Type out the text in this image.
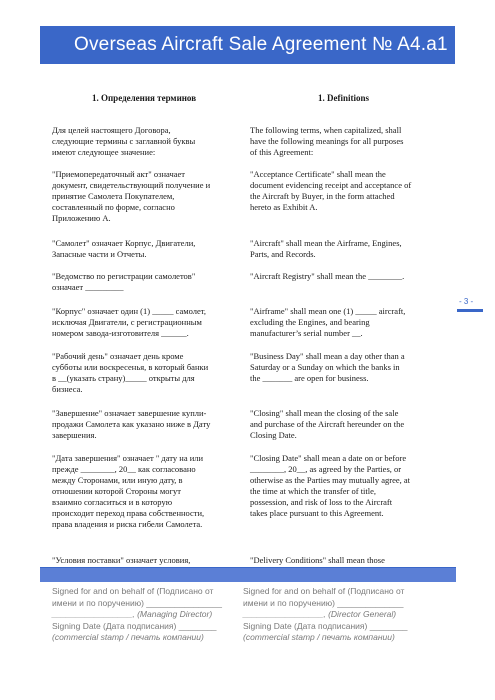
Overseas Aircraft Sale Agreement № A4.a1
1. Определения терминов	1. Definitions
Для целей настоящего Договора,
следующие термины с заглавной буквы
имеют следующее значение:
The following terms, when capitalized, shall
have the following meanings for all purposes
of this Agreement:
"Приемопередаточный акт" означает
документ, свидетельствующий получение и
принятие Самолета Покупателем,
составленный по форме, согласно
Приложению А.
"Acceptance Certificate" shall mean the
document evidencing receipt and acceptance of
the Aircraft by Buyer, in the form attached
hereto as Exhibit A.
"Самолет" означает Корпус, Двигатели,
Запасные части и Отчеты.
"Aircraft" shall mean the Airframe, Engines,
Parts, and Records.
"Ведомство по регистрации самолетов"
означает _________
"Aircraft Registry" shall mean the ________.
"Корпус" означает один (1) _____ самолет,
исключая Двигатели, с регистрационным
номером завода-изготовителя ______.
"Airframe" shall mean one (1) _____ aircraft,
excluding the Engines, and bearing
manufacturer’s serial number __.
"Рабочий день" означает день кроме
субботы или воскресенья, в который банки
в __(указать страну)_____ открыты для
бизнеса.
"Business Day" shall mean a day other than a
Saturday or a Sunday on which the banks in
the _______ are open for business.
"Завершение" означает завершение купли-
продажи Самолета как указано ниже в Дату
завершения.
"Closing" shall mean the closing of the sale
and purchase of the Aircraft hereunder on the
Closing Date.
"Дата завершения" означает " дату на или
прежде ________, 20__ как согласовано
между Сторонами, или иную дату, в
отношении которой Стороны могут
взаимно согласиться и в которую
происходит переход права собственности,
права владения и риска гибели Самолета.
"Closing Date" shall mean a date on or before
________, 20__, as agreed by the Parties, or
otherwise as the Parties may mutually agree, at
the time at which the transfer of title,
possession, and risk of loss to the Aircraft
takes place pursuant to this Agreement.
"Условия поставки" означает условия,	"Delivery Conditions" shall mean those
- 3 -
Signed for and on behalf of (Подписано от
имени и по поручению) ________________
_________________, (Managing Director)
Signing Date (Дата подписания) ________
(commercial stamp / печать компании)
Signed for and on behalf of (Подписано от
имени и по поручению) ______________
_________________, (Director General)
Signing Date (Дата подписания) ________
(commercial stamp / печать компании)
